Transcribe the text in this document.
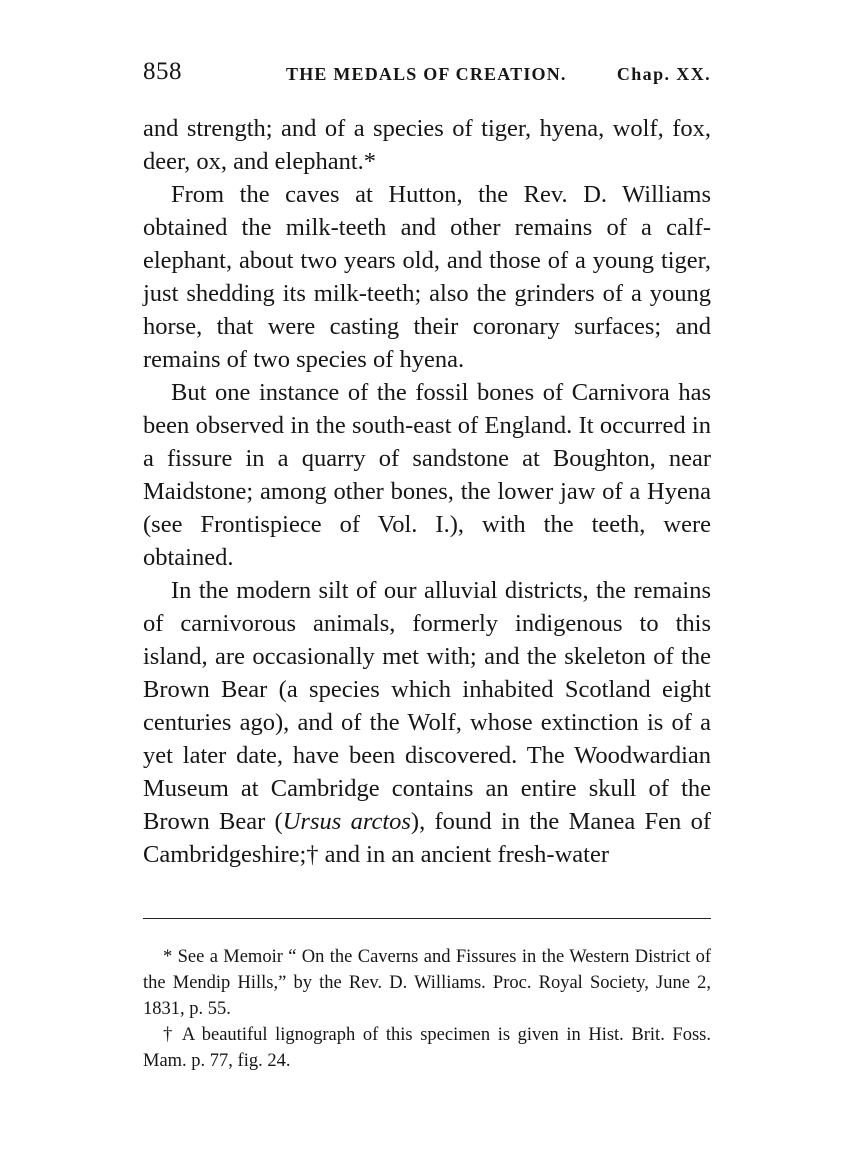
858	THE MEDALS OF CREATION.	Chap. XX.

and strength; and of a species of tiger, hyena, wolf, fox, deer, ox, and elephant.*

From the caves at Hutton, the Rev. D. Williams obtained the milk-teeth and other remains of a calf-elephant, about two years old, and those of a young tiger, just shedding its milk-teeth; also the grinders of a young horse, that were casting their coronary surfaces; and remains of two species of hyena.

But one instance of the fossil bones of Carnivora has been observed in the south-east of England. It occurred in a fissure in a quarry of sandstone at Boughton, near Maidstone; among other bones, the lower jaw of a Hyena (see Frontispiece of Vol. I.), with the teeth, were obtained.

In the modern silt of our alluvial districts, the remains of carnivorous animals, formerly indigenous to this island, are occasionally met with; and the skeleton of the Brown Bear (a species which inhabited Scotland eight centuries ago), and of the Wolf, whose extinction is of a yet later date, have been discovered. The Woodwardian Museum at Cambridge contains an entire skull of the Brown Bear (Ursus arctos), found in the Manea Fen of Cambridgeshire;† and in an ancient fresh-water

* See a Memoir “ On the Caverns and Fissures in the Western District of the Mendip Hills,” by the Rev. D. Williams. Proc. Royal Society, June 2, 1831, p. 55.

† A beautiful lignograph of this specimen is given in Hist. Brit. Foss. Mam. p. 77, fig. 24.
